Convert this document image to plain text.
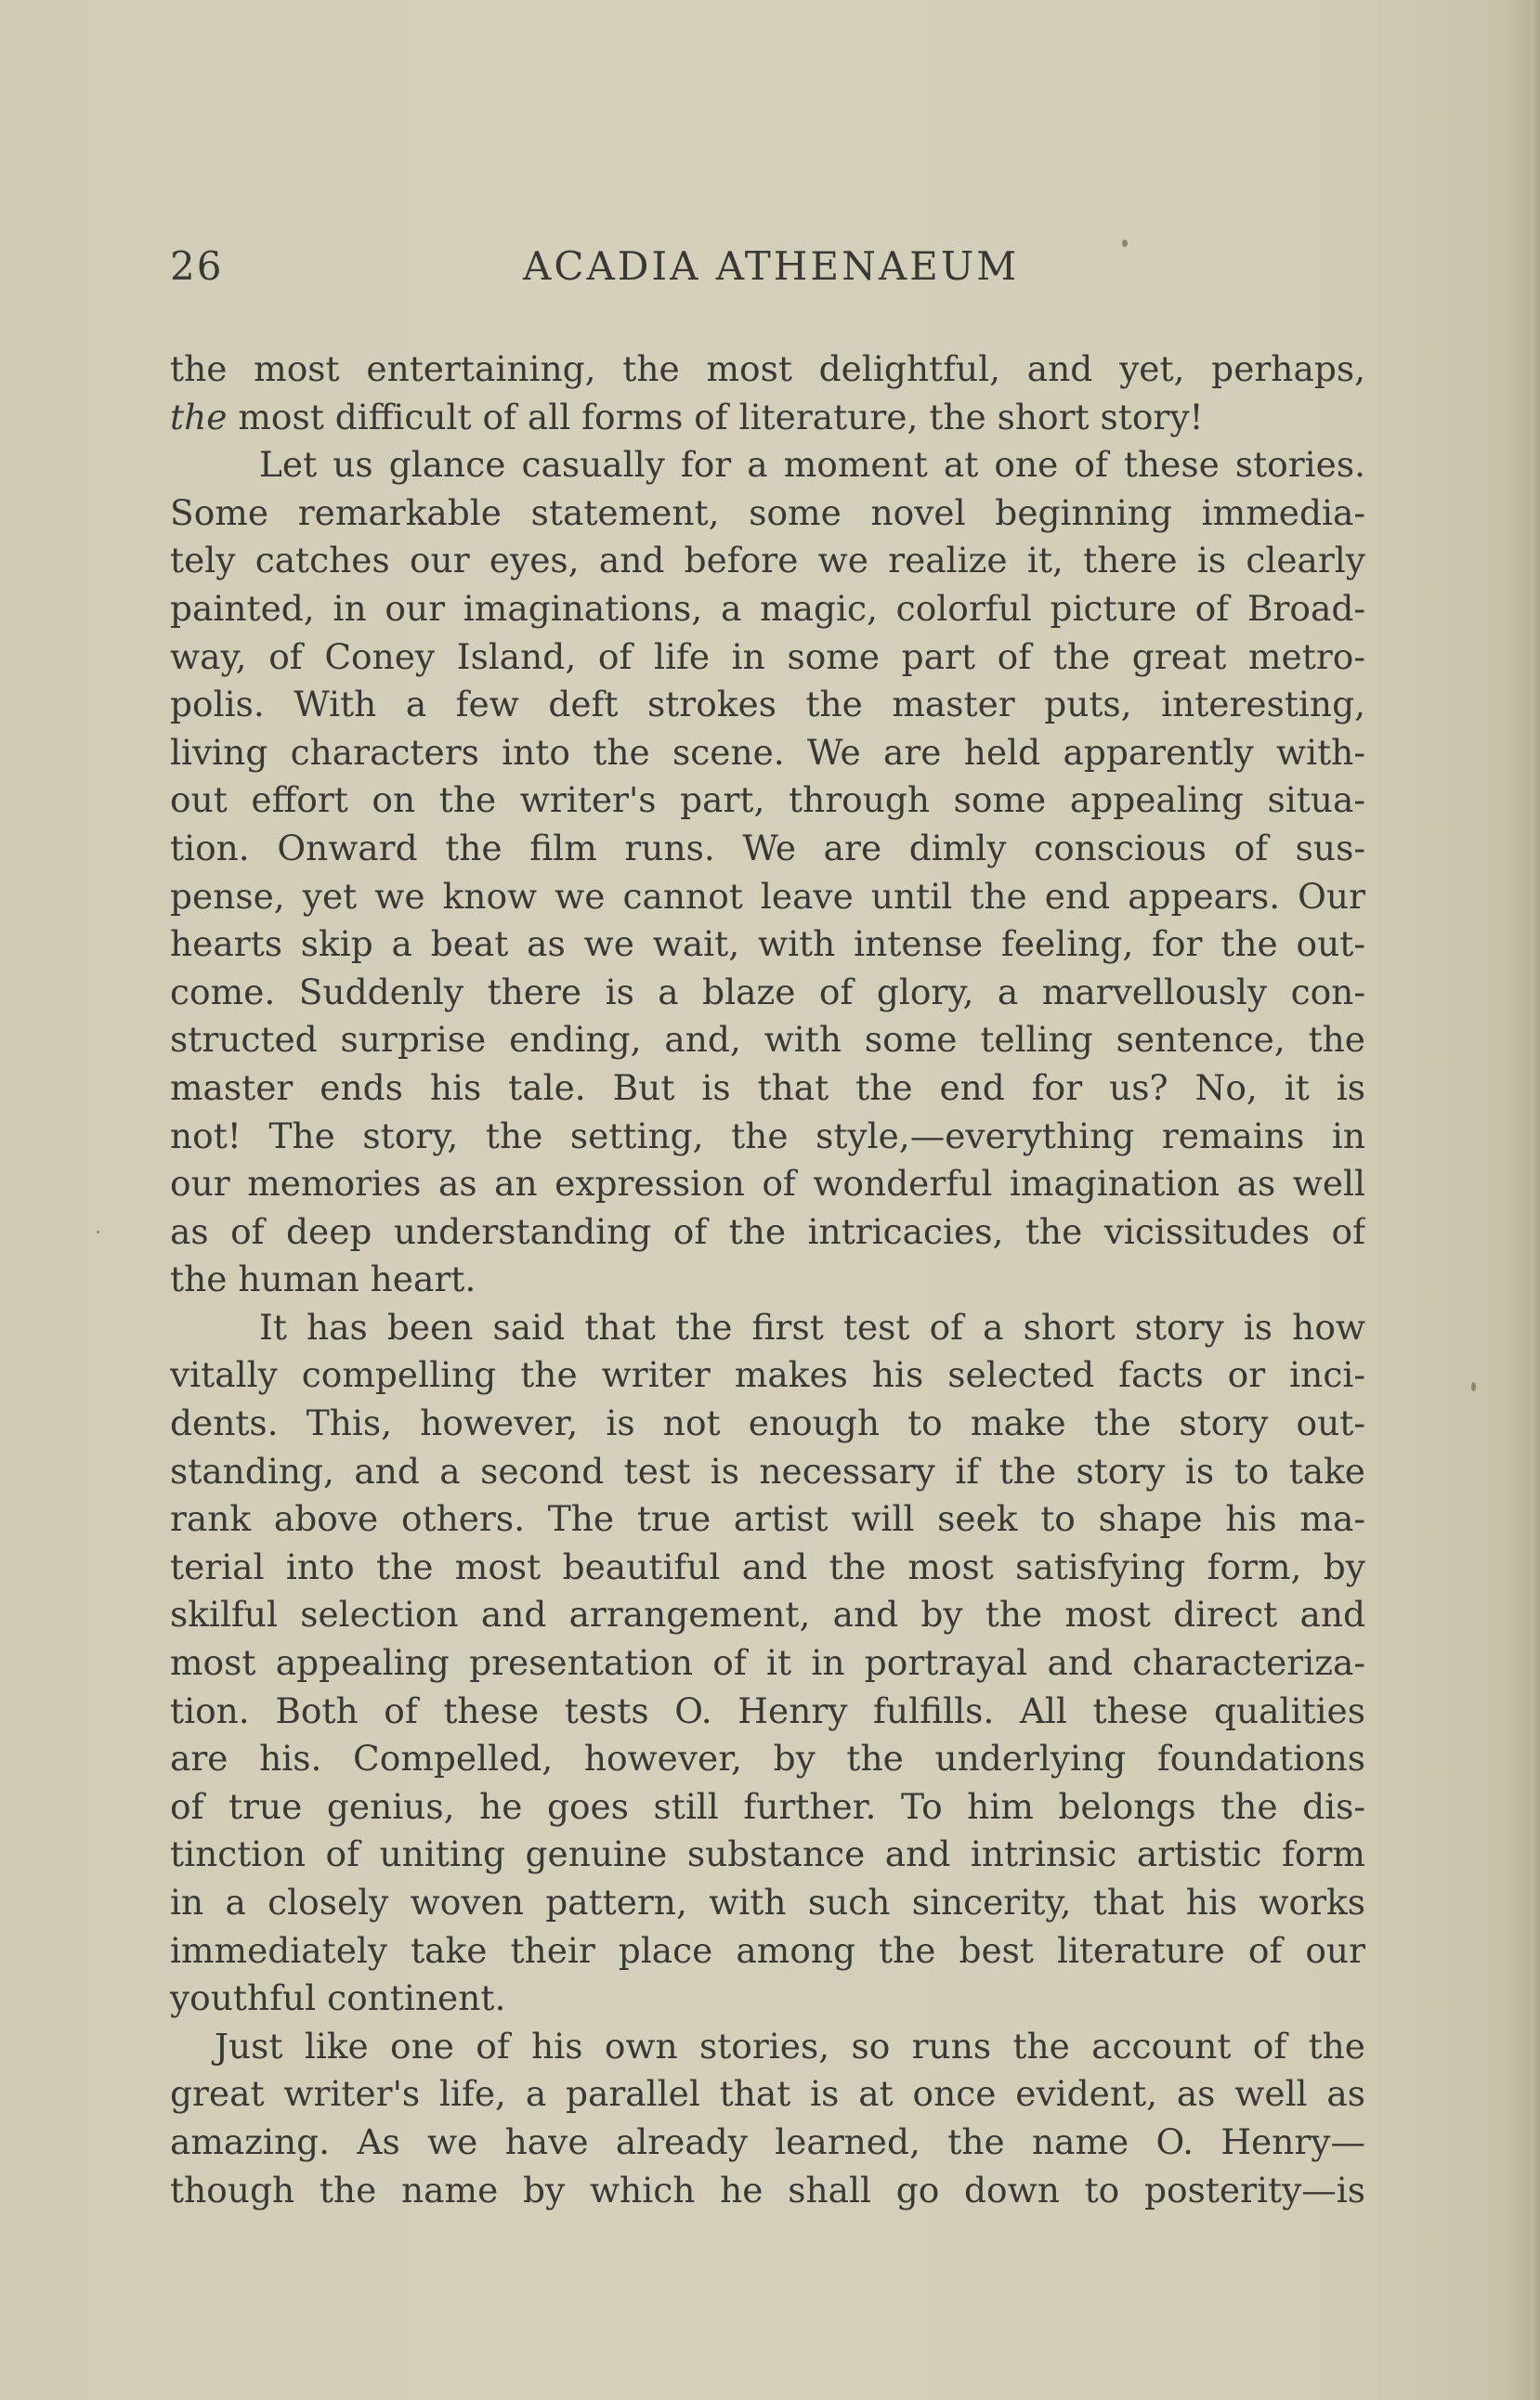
26	ACADIA ATHENAEUM
the most entertaining, the most delightful, and yet, perhaps,
the most difficult of all forms of literature, the short story!
Let us glance casually for a moment at one of these stories.
Some remarkable statement, some novel beginning immedia-
tely catches our eyes, and before we realize it, there is clearly
painted, in our imaginations, a magic, colorful picture of Broad-
way, of Coney Island, of life in some part of the great metro-
polis. With a few deft strokes the master puts, interesting,
living characters into the scene. We are held apparently with-
out effort on the writer's part, through some appealing situa-
tion. Onward the film runs. We are dimly conscious of sus-
pense, yet we know we cannot leave until the end appears. Our
hearts skip a beat as we wait, with intense feeling, for the out-
come. Suddenly there is a blaze of glory, a marvellously con-
structed surprise ending, and, with some telling sentence, the
master ends his tale. But is that the end for us? No, it is
not! The story, the setting, the style,—everything remains in
our memories as an expression of wonderful imagination as well
as of deep understanding of the intricacies, the vicissitudes of
the human heart.
It has been said that the first test of a short story is how
vitally compelling the writer makes his selected facts or inci-
dents. This, however, is not enough to make the story out-
standing, and a second test is necessary if the story is to take
rank above others. The true artist will seek to shape his ma-
terial into the most beautiful and the most satisfying form, by
skilful selection and arrangement, and by the most direct and
most appealing presentation of it in portrayal and characteriza-
tion. Both of these tests O. Henry fulfills. All these qualities
are his. Compelled, however, by the underlying foundations
of true genius, he goes still further. To him belongs the dis-
tinction of uniting genuine substance and intrinsic artistic form
in a closely woven pattern, with such sincerity, that his works
immediately take their place among the best literature of our
youthful continent.
Just like one of his own stories, so runs the account of the
great writer's life, a parallel that is at once evident, as well as
amazing. As we have already learned, the name O. Henry—
though the name by which he shall go down to posterity—is
